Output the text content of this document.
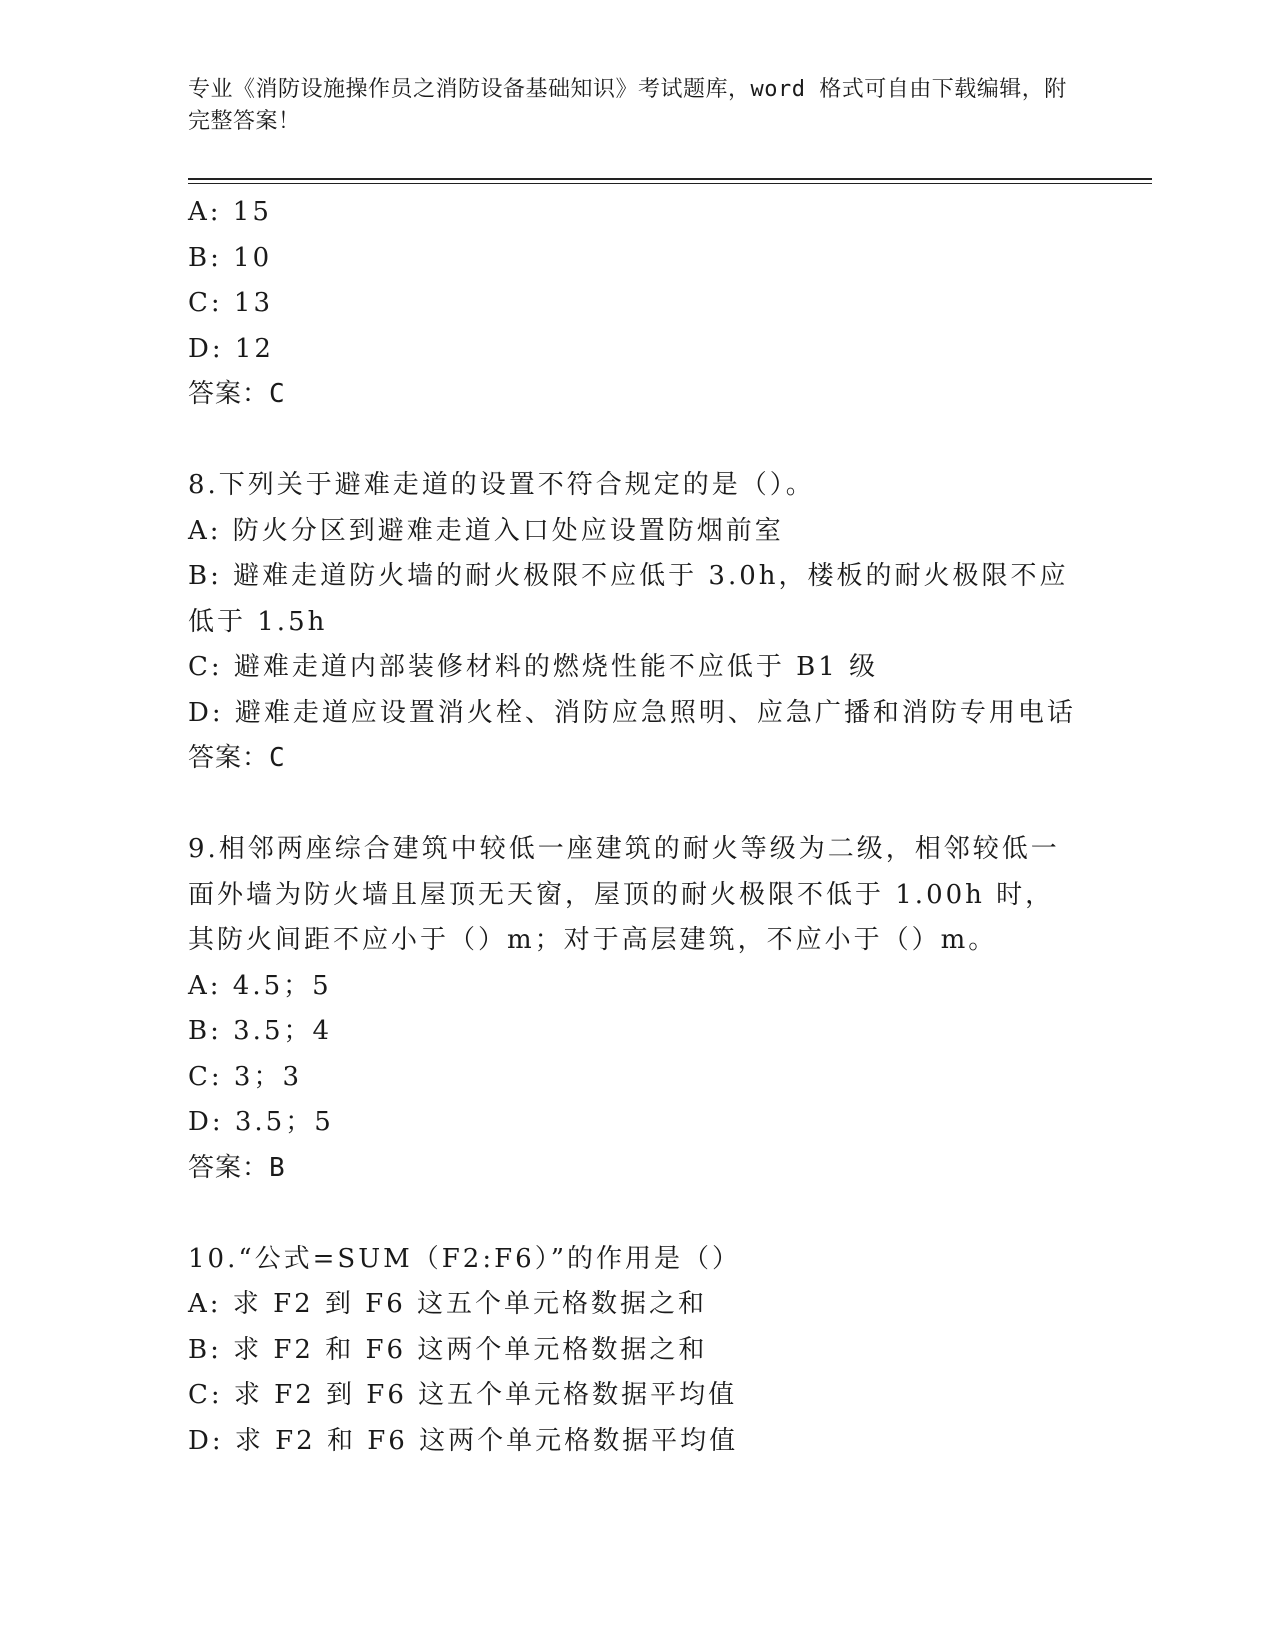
专业《消防设施操作员之消防设备基础知识》考试题库，word 格式可自由下载编辑，附完整答案！
A: 15
B: 10
C: 13
D: 12
答案：C
8.下列关于避难走道的设置不符合规定的是（）。
A: 防火分区到避难走道入口处应设置防烟前室
B: 避难走道防火墙的耐火极限不应低于 3.0h，楼板的耐火极限不应低于 1.5h
C: 避难走道内部装修材料的燃烧性能不应低于 B1 级
D: 避难走道应设置消火栓、消防应急照明、应急广播和消防专用电话
答案：C
9.相邻两座综合建筑中较低一座建筑的耐火等级为二级，相邻较低一面外墙为防火墙且屋顶无天窗，屋顶的耐火极限不低于 1.00h 时，其防火间距不应小于（）m；对于高层建筑，不应小于（）m。
A: 4.5；5
B: 3.5；4
C: 3；3
D: 3.5；5
答案：B
10.“公式=SUM（F2:F6）”的作用是（）
A: 求 F2 到 F6 这五个单元格数据之和
B: 求 F2 和 F6 这两个单元格数据之和
C: 求 F2 到 F6 这五个单元格数据平均值
D: 求 F2 和 F6 这两个单元格数据平均值
